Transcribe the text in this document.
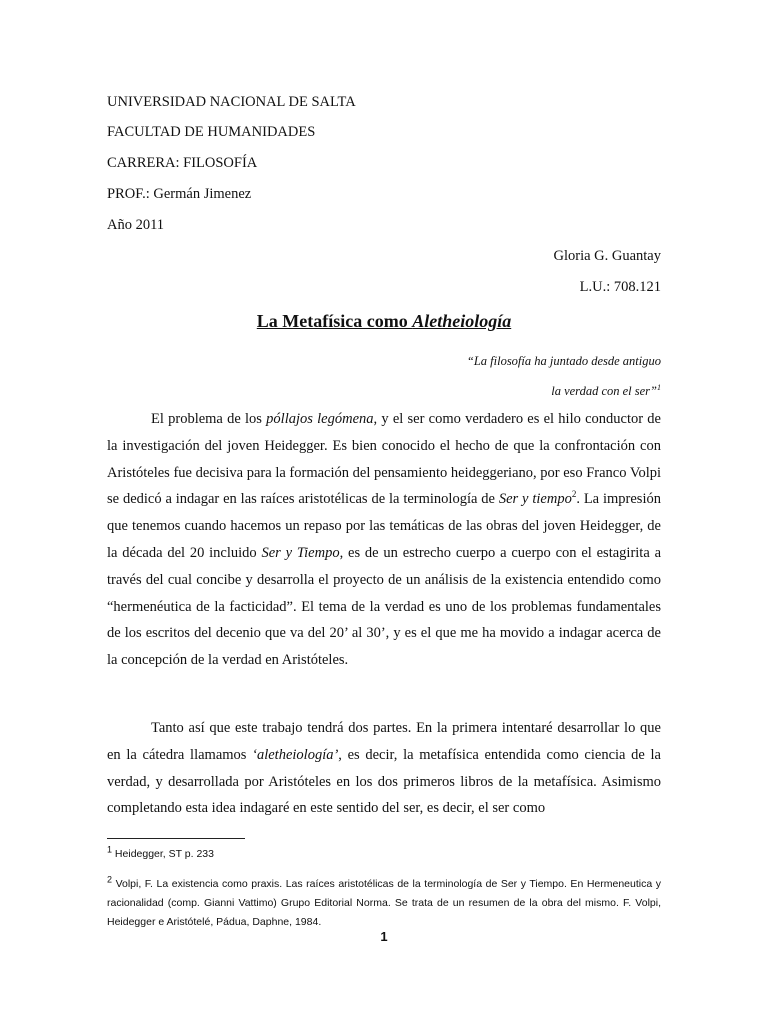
UNIVERSIDAD NACIONAL DE SALTA
FACULTAD DE HUMANIDADES
CARRERA: FILOSOFÍA
PROF.: Germán Jimenez
Año 2011
Gloria G. Guantay
L.U.: 708.121
La Metafísica como Aletheiología
“La filosofía ha juntado desde antiguo
la verdad con el ser”$^1$

El problema de los póllajos legómena, y el ser como verdadero es el hilo conductor de la investigación del joven Heidegger. Es bien conocido el hecho de que la confrontación con Aristóteles fue decisiva para la formación del pensamiento heideggeriano, por eso Franco Volpi se dedicó a indagar en las raíces aristotélicas de la terminología de Ser y tiempo$^2$. La impresión que tenemos cuando hacemos un repaso por las temáticas de las obras del joven Heidegger, de la década del 20 incluido Ser y Tiempo, es de un estrecho cuerpo a cuerpo con el estagirita a través del cual concibe y desarrolla el proyecto de un análisis de la existencia entendido como “hermenéutica de la facticidad”. El tema de la verdad es uno de los problemas fundamentales de los escritos del decenio que va del 20’ al 30’, y es el que me ha movido a indagar acerca de la concepción de la verdad en Aristóteles.

Tanto así que este trabajo tendrá dos partes. En la primera intentaré desarrollar lo que en la cátedra llamamos ‘aletheiología’, es decir, la metafísica entendida como ciencia de la verdad, y desarrollada por Aristóteles en los dos primeros libros de la metafísica. Asimismo completando esta idea indagaré en este sentido del ser, es decir, el ser como

$^1$ Heidegger, ST p. 233

$^2$ Volpi, F. La existencia como praxis. Las raíces aristotélicas de la terminología de Ser y Tiempo. En Hermeneutica y racionalidad (comp. Gianni Vattimo) Grupo Editorial Norma. Se trata de un resumen de la obra del mismo. F. Volpi, Heidegger e Aristótelé, Pádua, Daphne, 1984.

1
